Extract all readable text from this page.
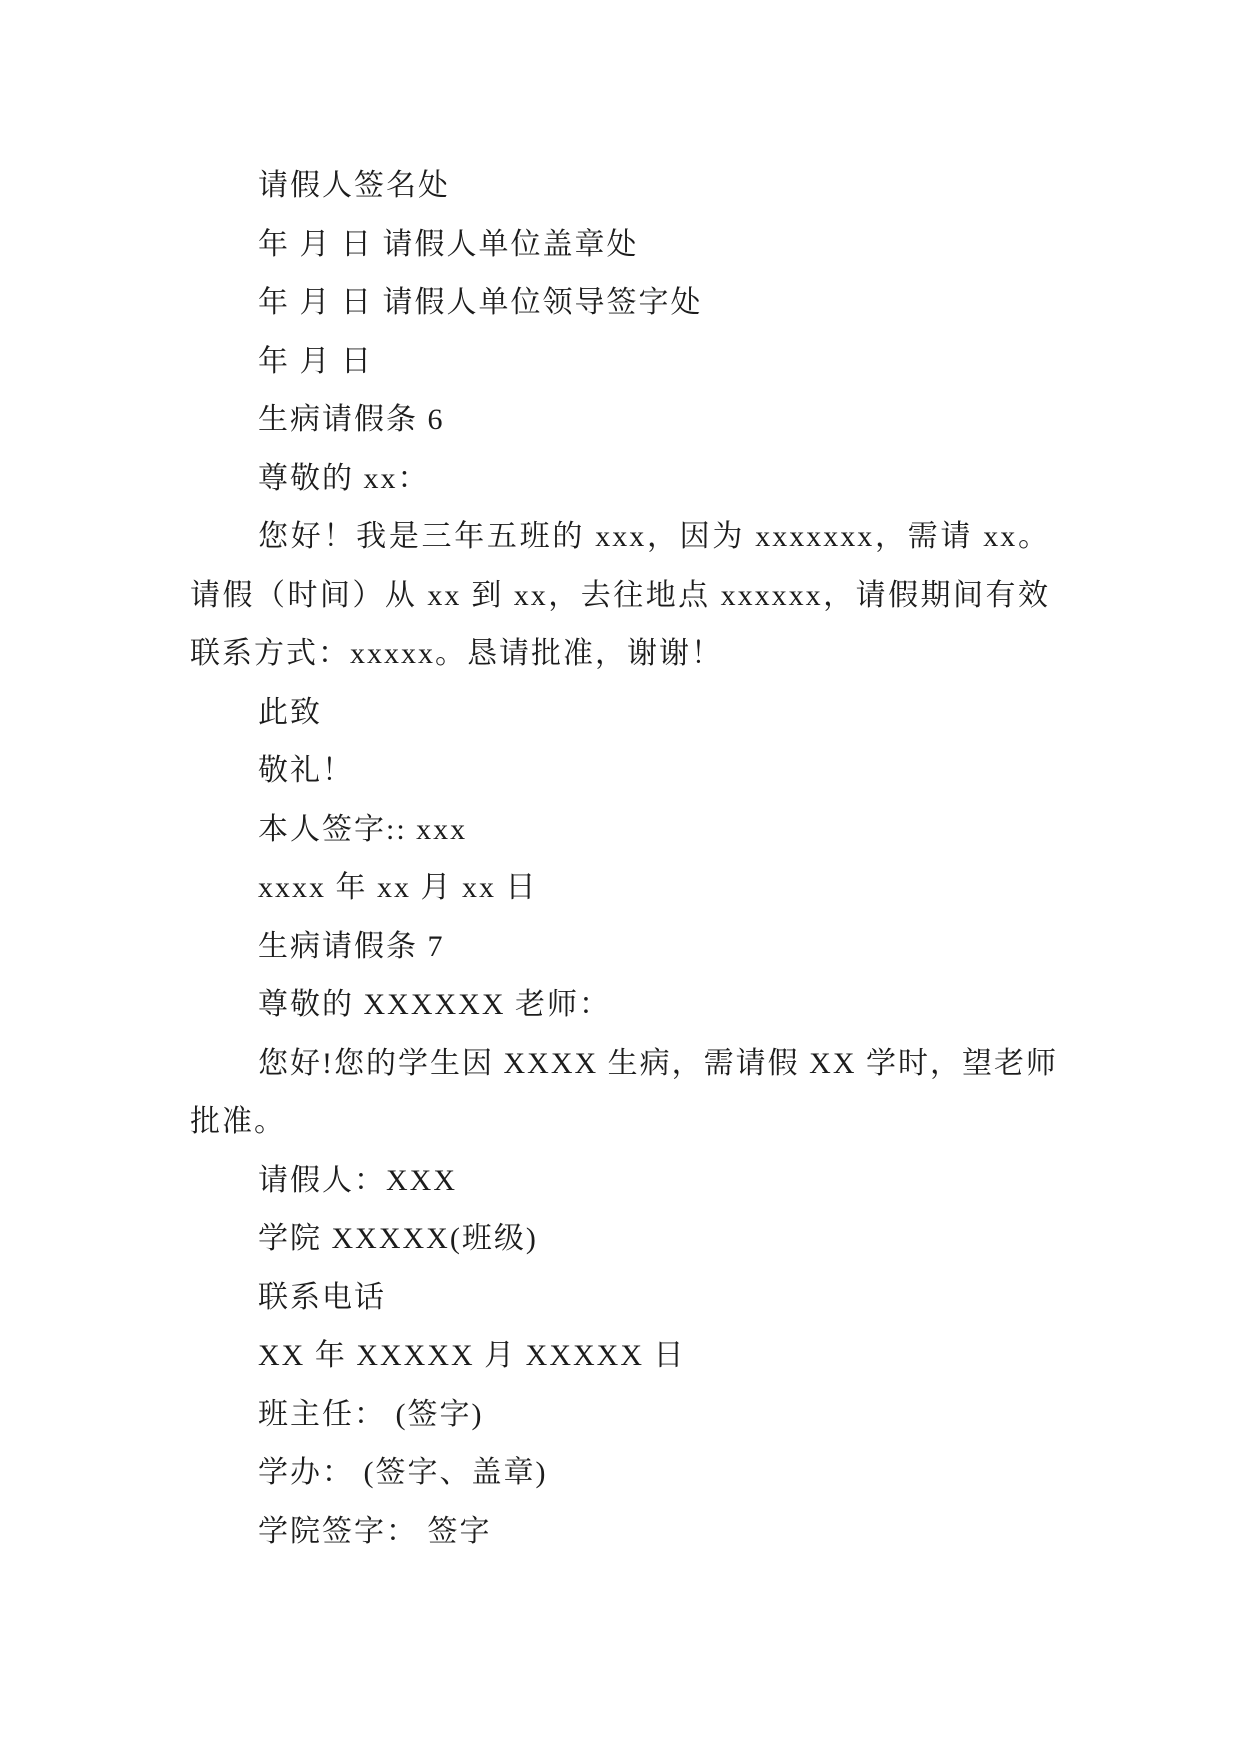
请假人签名处
年 月 日 请假人单位盖章处
年 月 日 请假人单位领导签字处
年 月 日
生病请假条 6
尊敬的 xx：
您好！我是三年五班的 xxx，因为 xxxxxxx，需请 xx。
请假（时间）从 xx 到 xx，去往地点 xxxxxx，请假期间有效
联系方式：xxxxx。恳请批准，谢谢！
此致
敬礼！
本人签字:: xxx
xxxx 年 xx 月 xx 日
生病请假条 7
尊敬的 XXXXXX 老师：
您好!您的学生因 XXXX 生病，需请假 XX 学时，望老师
批准。
请假人：XXX
学院 XXXXX(班级)
联系电话
XX 年 XXXXX 月 XXXXX 日
班主任： (签字)
学办： (签字、盖章)
学院签字： 签字
